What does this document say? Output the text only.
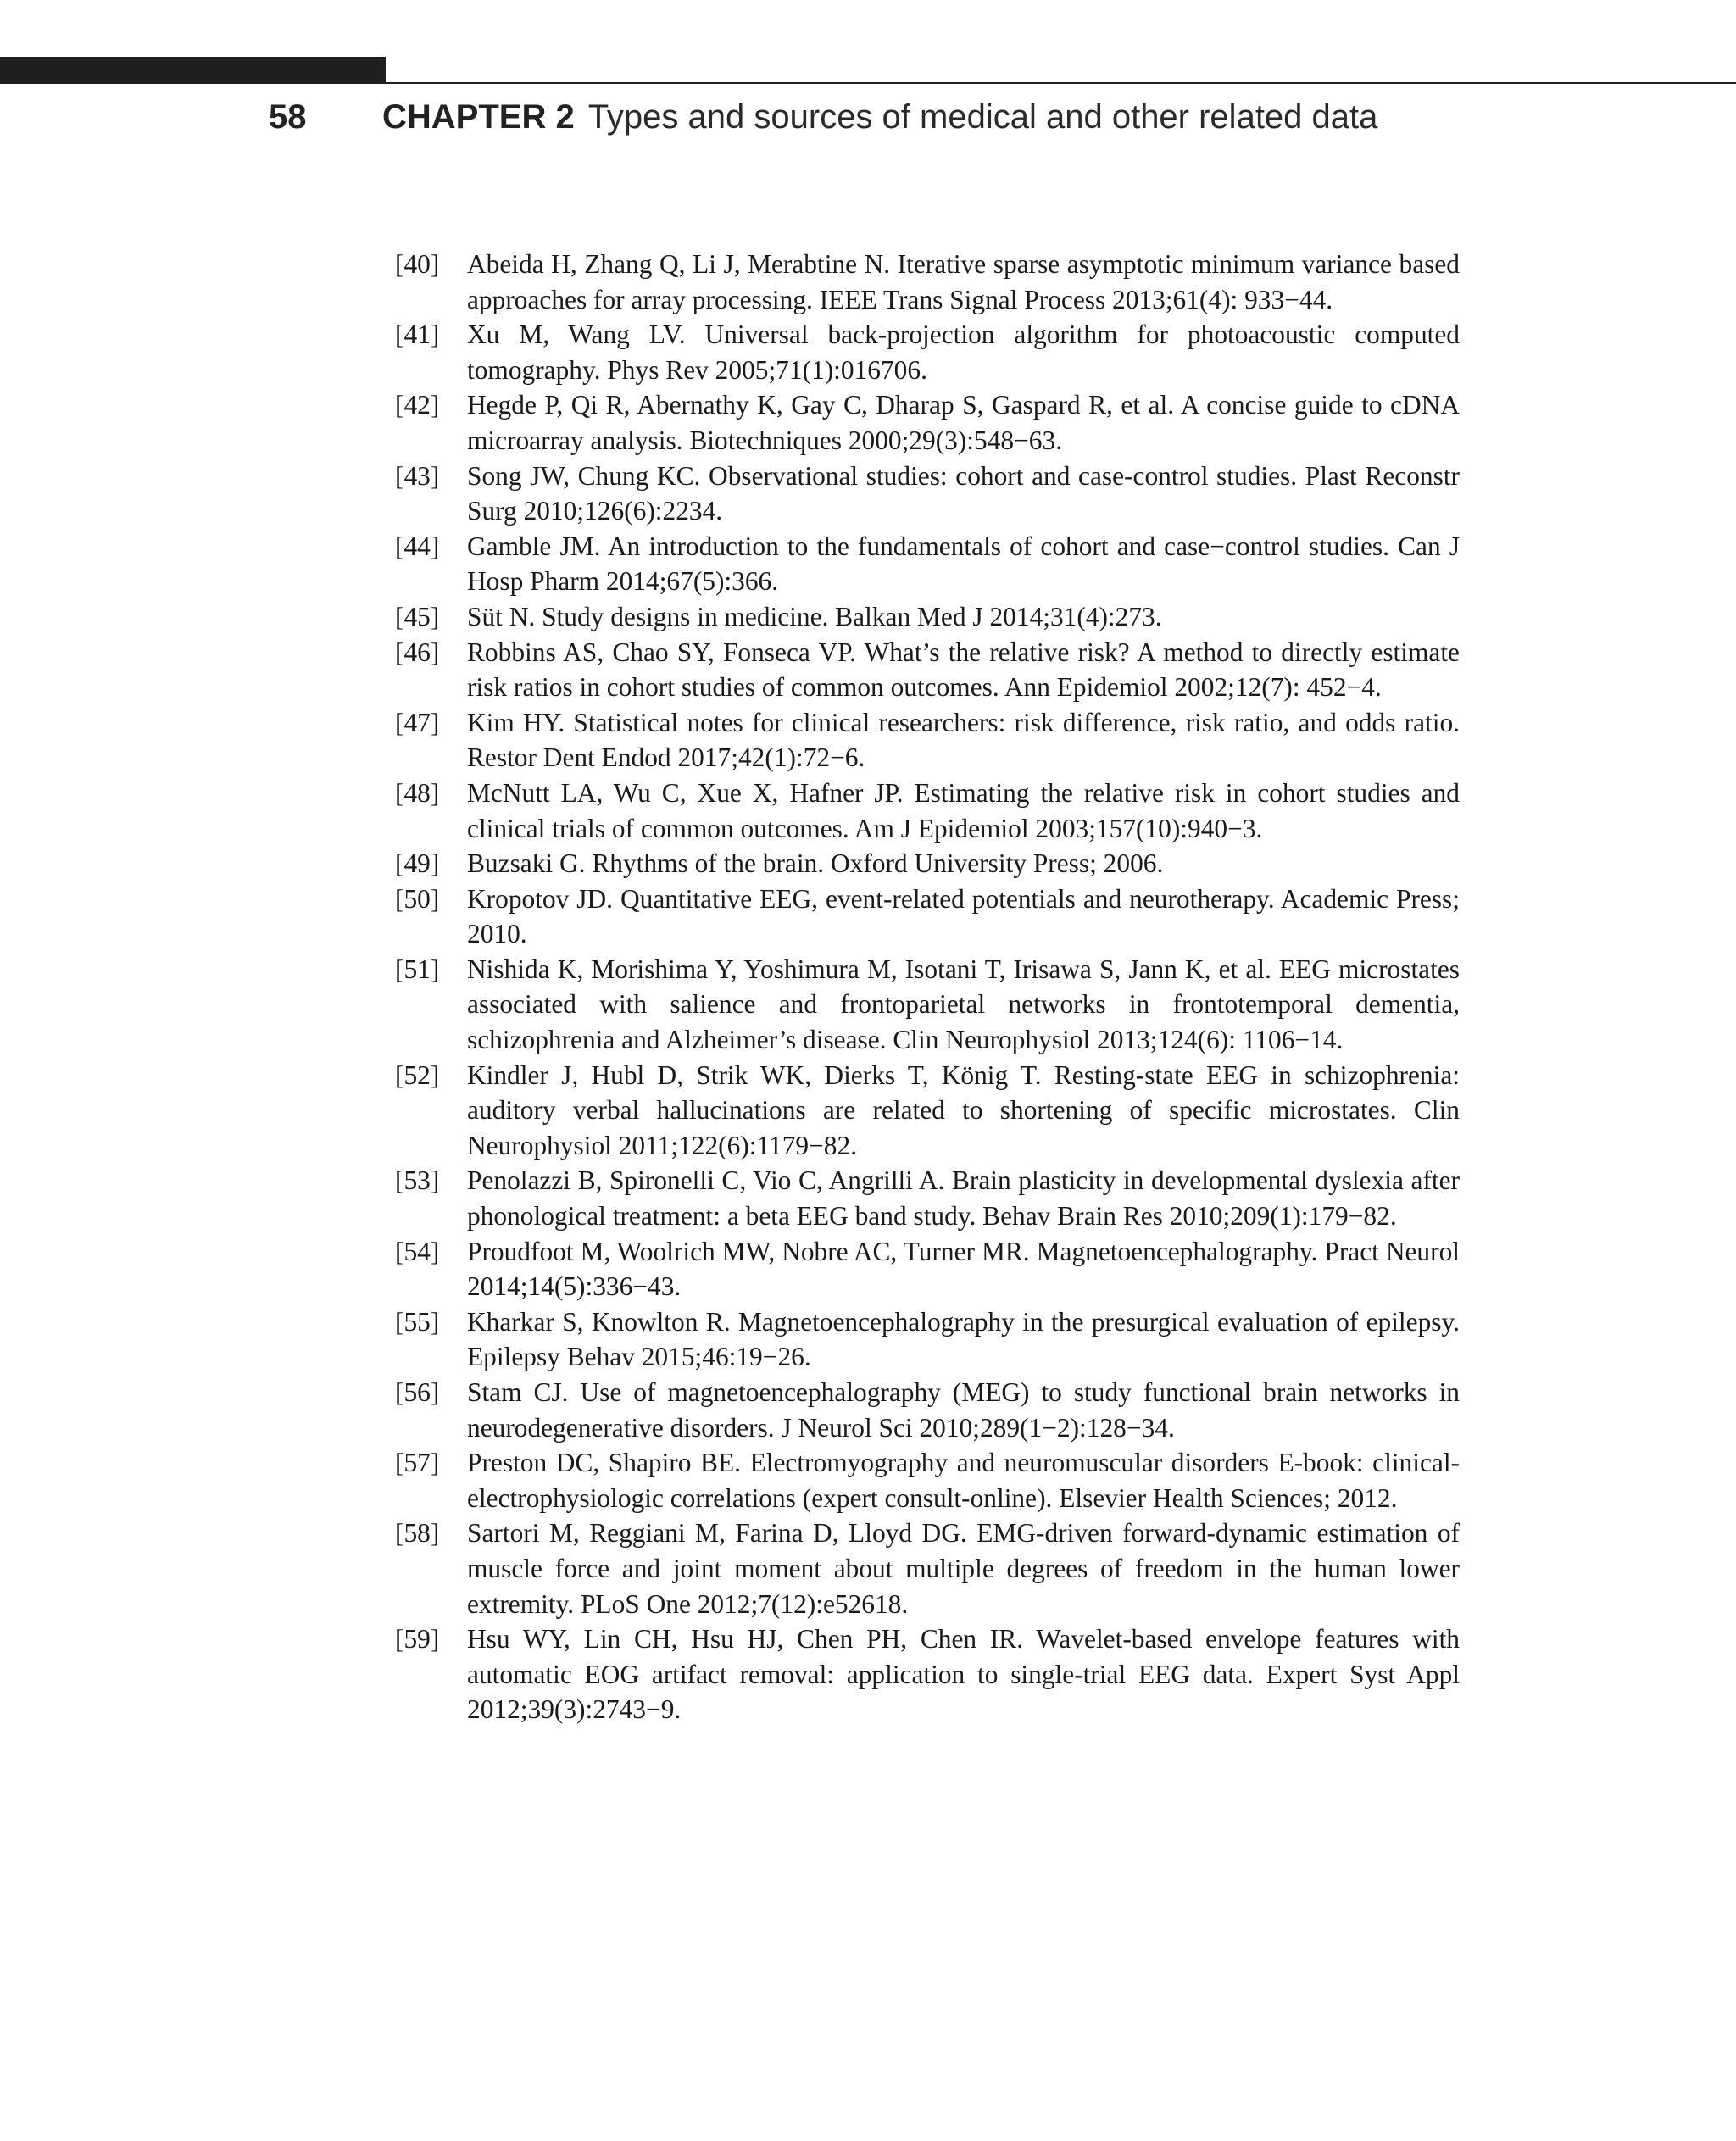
58 CHAPTER 2 Types and sources of medical and other related data
[40] Abeida H, Zhang Q, Li J, Merabtine N. Iterative sparse asymptotic minimum variance based approaches for array processing. IEEE Trans Signal Process 2013;61(4): 933−44.
[41] Xu M, Wang LV. Universal back-projection algorithm for photoacoustic computed tomography. Phys Rev 2005;71(1):016706.
[42] Hegde P, Qi R, Abernathy K, Gay C, Dharap S, Gaspard R, et al. A concise guide to cDNA microarray analysis. Biotechniques 2000;29(3):548−63.
[43] Song JW, Chung KC. Observational studies: cohort and case-control studies. Plast Reconstr Surg 2010;126(6):2234.
[44] Gamble JM. An introduction to the fundamentals of cohort and case−control studies. Can J Hosp Pharm 2014;67(5):366.
[45] Süt N. Study designs in medicine. Balkan Med J 2014;31(4):273.
[46] Robbins AS, Chao SY, Fonseca VP. What’s the relative risk? A method to directly estimate risk ratios in cohort studies of common outcomes. Ann Epidemiol 2002;12(7): 452−4.
[47] Kim HY. Statistical notes for clinical researchers: risk difference, risk ratio, and odds ratio. Restor Dent Endod 2017;42(1):72−6.
[48] McNutt LA, Wu C, Xue X, Hafner JP. Estimating the relative risk in cohort studies and clinical trials of common outcomes. Am J Epidemiol 2003;157(10):940−3.
[49] Buzsaki G. Rhythms of the brain. Oxford University Press; 2006.
[50] Kropotov JD. Quantitative EEG, event-related potentials and neurotherapy. Academic Press; 2010.
[51] Nishida K, Morishima Y, Yoshimura M, Isotani T, Irisawa S, Jann K, et al. EEG microstates associated with salience and frontoparietal networks in frontotemporal dementia, schizophrenia and Alzheimer’s disease. Clin Neurophysiol 2013;124(6): 1106−14.
[52] Kindler J, Hubl D, Strik WK, Dierks T, König T. Resting-state EEG in schizophrenia: auditory verbal hallucinations are related to shortening of specific microstates. Clin Neurophysiol 2011;122(6):1179−82.
[53] Penolazzi B, Spironelli C, Vio C, Angrilli A. Brain plasticity in developmental dyslexia after phonological treatment: a beta EEG band study. Behav Brain Res 2010;209(1):179−82.
[54] Proudfoot M, Woolrich MW, Nobre AC, Turner MR. Magnetoencephalography. Pract Neurol 2014;14(5):336−43.
[55] Kharkar S, Knowlton R. Magnetoencephalography in the presurgical evaluation of epilepsy. Epilepsy Behav 2015;46:19−26.
[56] Stam CJ. Use of magnetoencephalography (MEG) to study functional brain networks in neurodegenerative disorders. J Neurol Sci 2010;289(1−2):128−34.
[57] Preston DC, Shapiro BE. Electromyography and neuromuscular disorders E-book: clinical-electrophysiologic correlations (expert consult-online). Elsevier Health Sciences; 2012.
[58] Sartori M, Reggiani M, Farina D, Lloyd DG. EMG-driven forward-dynamic estimation of muscle force and joint moment about multiple degrees of freedom in the human lower extremity. PLoS One 2012;7(12):e52618.
[59] Hsu WY, Lin CH, Hsu HJ, Chen PH, Chen IR. Wavelet-based envelope features with automatic EOG artifact removal: application to single-trial EEG data. Expert Syst Appl 2012;39(3):2743−9.
